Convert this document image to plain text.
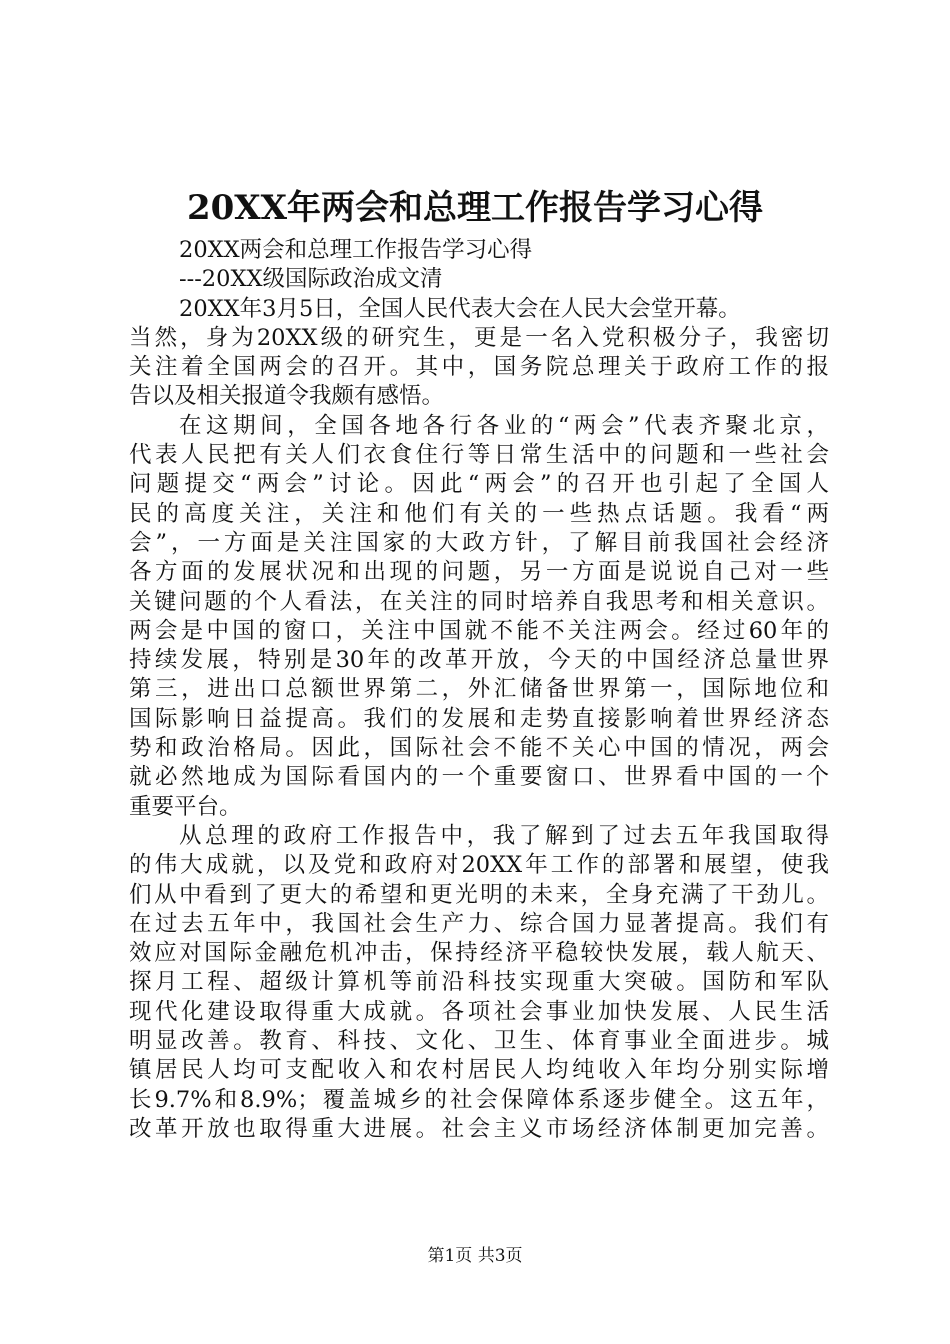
20XX年两会和总理工作报告学习心得
20XX两会和总理工作报告学习心得
---20XX级国际政治成文清
20XX年3月5日，全国人民代表大会在人民大会堂开幕。
当然，身为20XX级的研究生，更是一名入党积极分子，我密切
关注着全国两会的召开。其中，国务院总理关于政府工作的报
告以及相关报道令我颇有感悟。
在这期间，全国各地各行各业的“两会”代表齐聚北京，
代表人民把有关人们衣食住行等日常生活中的问题和一些社会
问题提交“两会”讨论。因此“两会”的召开也引起了全国人
民的高度关注，关注和他们有关的一些热点话题。我看“两
会”，一方面是关注国家的大政方针，了解目前我国社会经济
各方面的发展状况和出现的问题，另一方面是说说自己对一些
关键问题的个人看法，在关注的同时培养自我思考和相关意识。
两会是中国的窗口，关注中国就不能不关注两会。经过60年的
持续发展，特别是30年的改革开放，今天的中国经济总量世界
第三，进出口总额世界第二，外汇储备世界第一，国际地位和
国际影响日益提高。我们的发展和走势直接影响着世界经济态
势和政治格局。因此，国际社会不能不关心中国的情况，两会
就必然地成为国际看国内的一个重要窗口、世界看中国的一个
重要平台。
从总理的政府工作报告中，我了解到了过去五年我国取得
的伟大成就，以及党和政府对20XX年工作的部署和展望，使我
们从中看到了更大的希望和更光明的未来，全身充满了干劲儿。
在过去五年中，我国社会生产力、综合国力显著提高。我们有
效应对国际金融危机冲击，保持经济平稳较快发展，载人航天、
探月工程、超级计算机等前沿科技实现重大突破。国防和军队
现代化建设取得重大成就。各项社会事业加快发展、人民生活
明显改善。教育、科技、文化、卫生、体育事业全面进步。城
镇居民人均可支配收入和农村居民人均纯收入年均分别实际增
长9.7%和8.9%；覆盖城乡的社会保障体系逐步健全。这五年，
改革开放也取得重大进展。社会主义市场经济体制更加完善。
第1页 共3页
